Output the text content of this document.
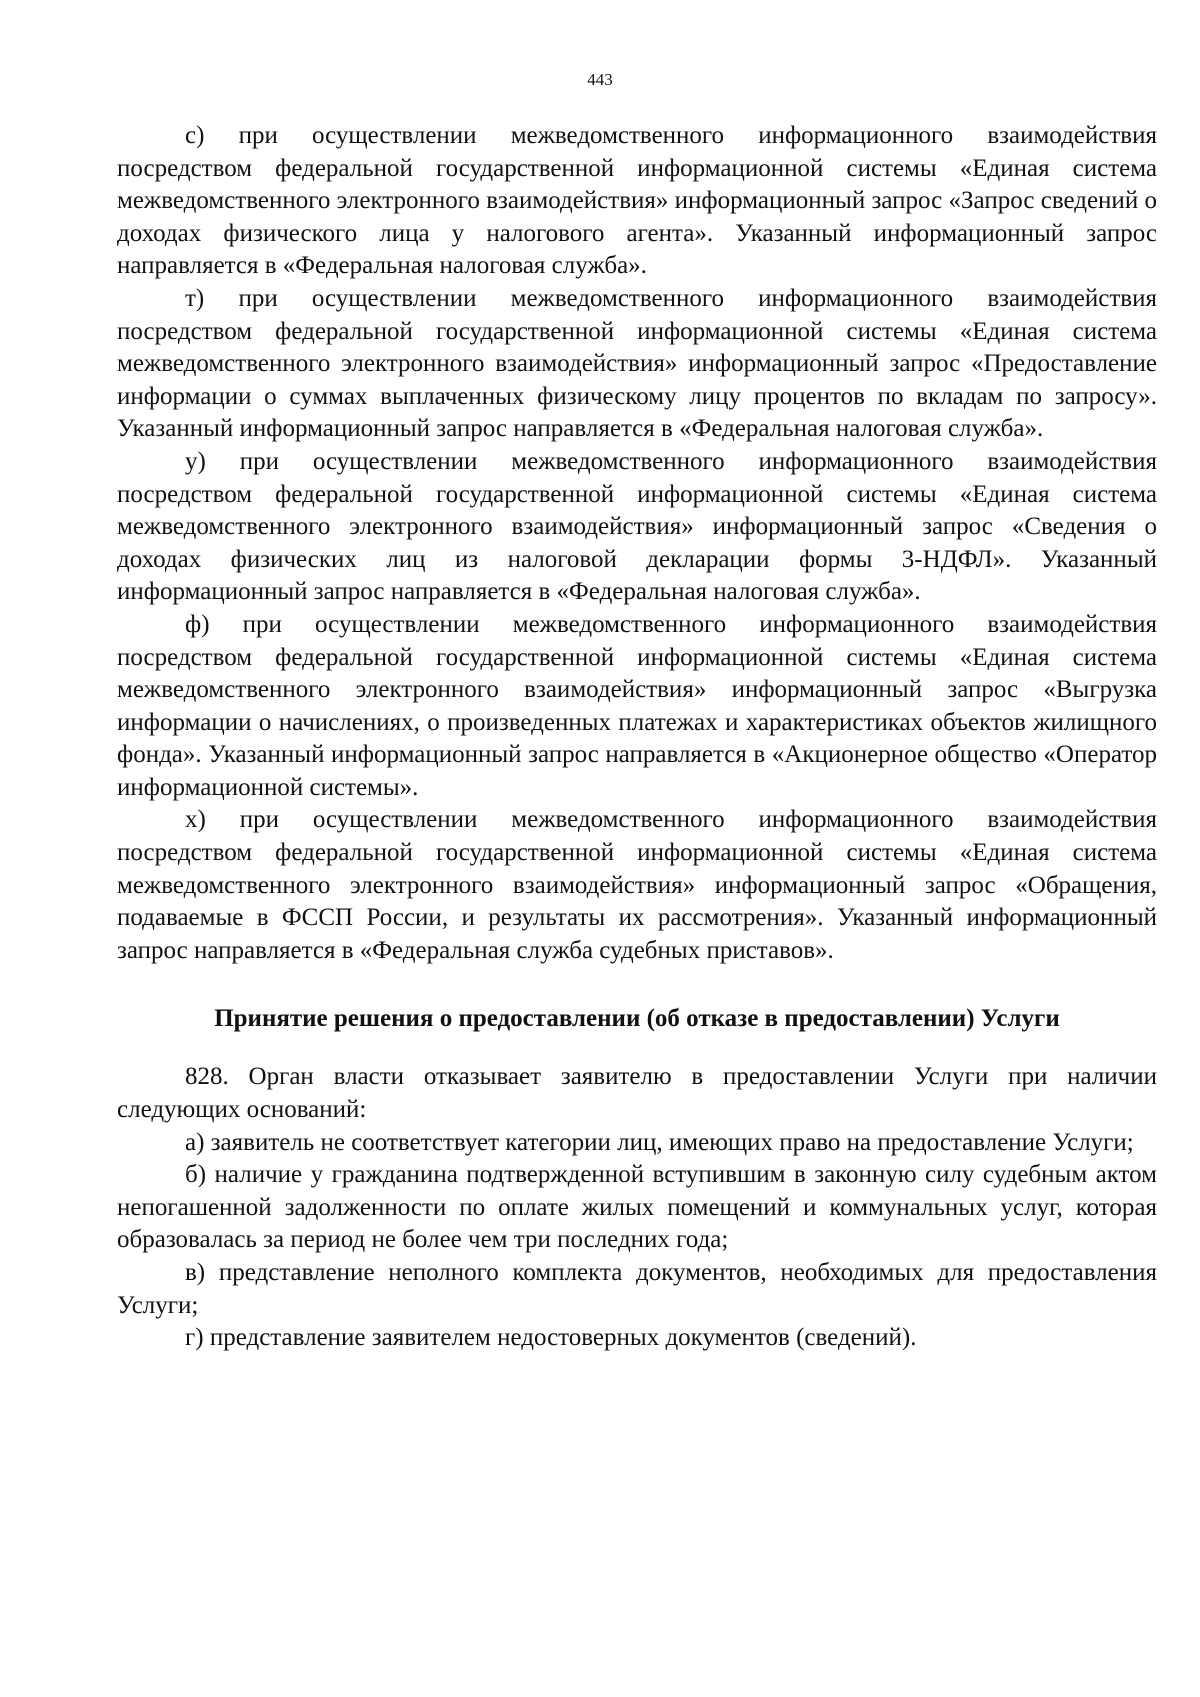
443

с) при осуществлении межведомственного информационного взаимодействия посредством федеральной государственной информационной системы «Единая система межведомственного электронного взаимодействия» информационный запрос «Запрос сведений о доходах физического лица у налогового агента». Указанный информационный запрос направляется в «Федеральная налоговая служба».

т) при осуществлении межведомственного информационного взаимодействия посредством федеральной государственной информационной системы «Единая система межведомственного электронного взаимодействия» информационный запрос «Предоставление информации о суммах выплаченных физическому лицу процентов по вкладам по запросу». Указанный информационный запрос направляется в «Федеральная налоговая служба».

у) при осуществлении межведомственного информационного взаимодействия посредством федеральной государственной информационной системы «Единая система межведомственного электронного взаимодействия» информационный запрос «Сведения о доходах физических лиц из налоговой декларации формы 3-НДФЛ». Указанный информационный запрос направляется в «Федеральная налоговая служба».

ф) при осуществлении межведомственного информационного взаимодействия посредством федеральной государственной информационной системы «Единая система межведомственного электронного взаимодействия» информационный запрос «Выгрузка информации о начислениях, о произведенных платежах и характеристиках объектов жилищного фонда». Указанный информационный запрос направляется в «Акционерное общество «Оператор информационной системы».

х) при осуществлении межведомственного информационного взаимодействия посредством федеральной государственной информационной системы «Единая система межведомственного электронного взаимодействия» информационный запрос «Обращения, подаваемые в ФССП России, и результаты их рассмотрения». Указанный информационный запрос направляется в «Федеральная служба судебных приставов».

Принятие решения о предоставлении (об отказе в предоставлении) Услуги

828. Орган власти отказывает заявителю в предоставлении Услуги при наличии следующих оснований:

а) заявитель не соответствует категории лиц, имеющих право на предоставление Услуги;

б) наличие у гражданина подтвержденной вступившим в законную силу судебным актом непогашенной задолженности по оплате жилых помещений и коммунальных услуг, которая образовалась за период не более чем три последних года;

в) представление неполного комплекта документов, необходимых для предоставления Услуги;

г) представление заявителем недостоверных документов (сведений).
